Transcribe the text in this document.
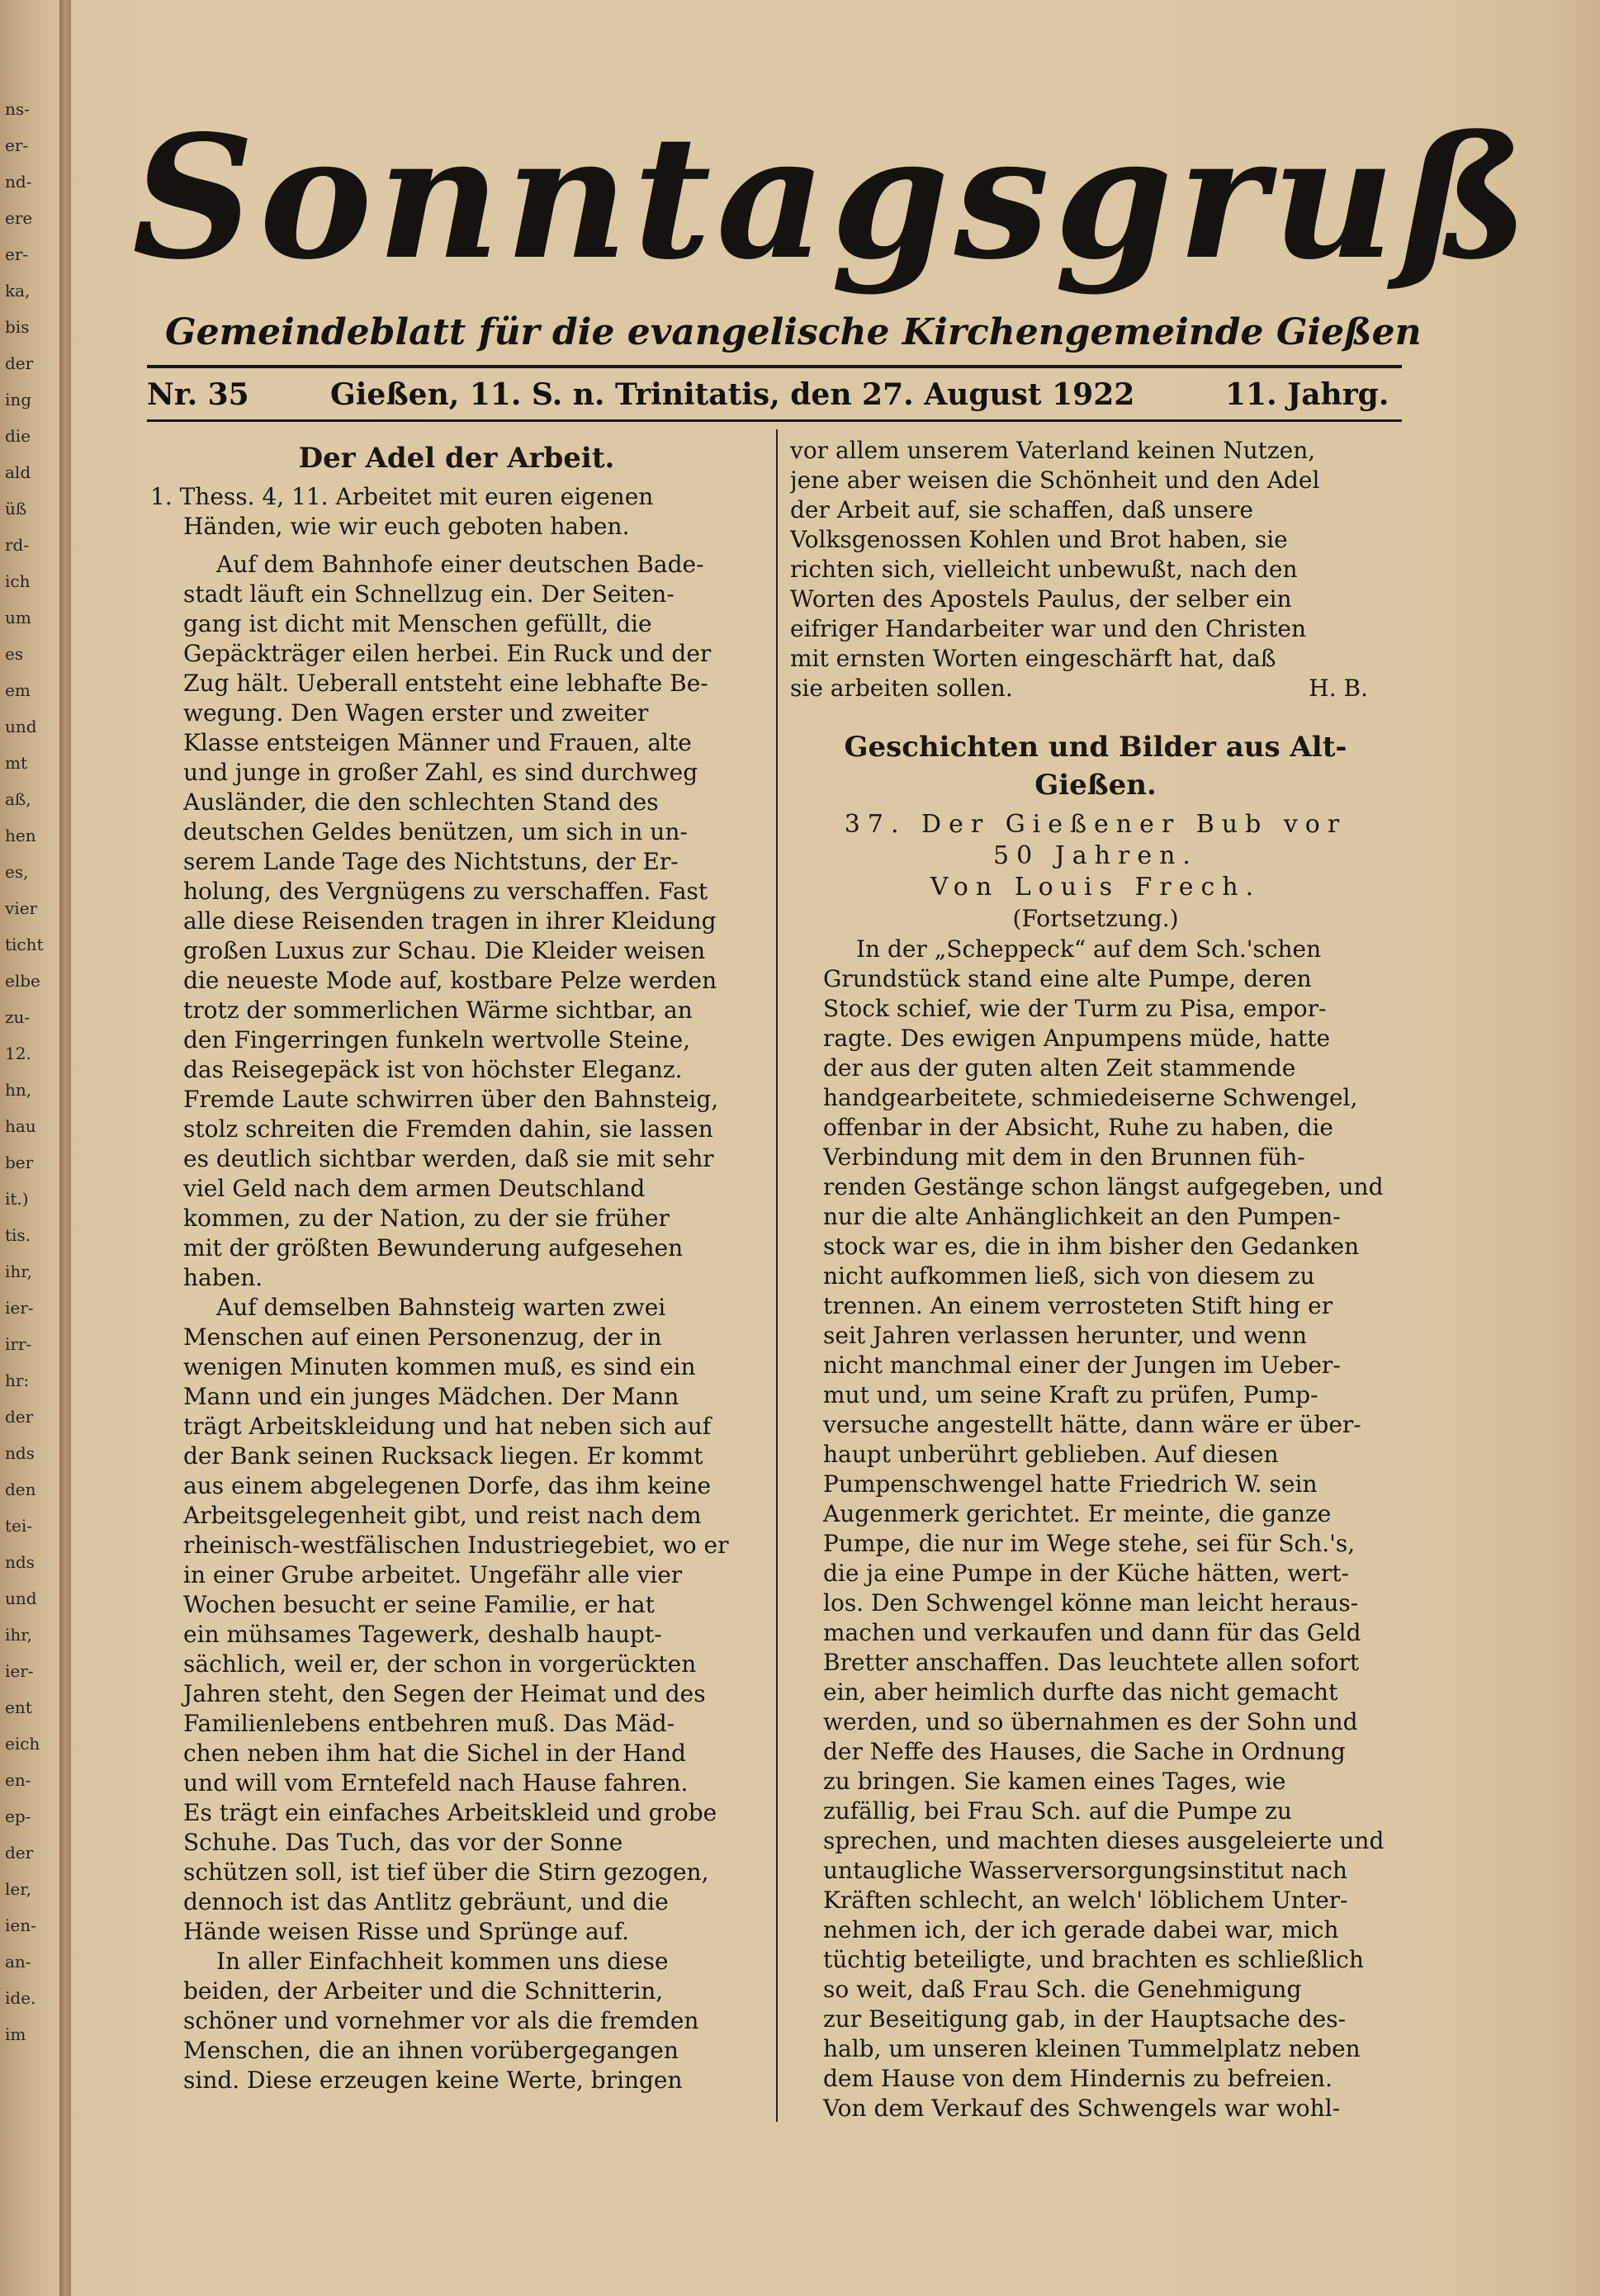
ns-
er-
nd-
ere
er-
ka,
bis
der
ing
die
ald
üß
rd-
ich
um
es
em
und
mt
aß,
hen
es,
vier
ticht
elbe
zu-
12.
hn,
hau
ber
it.)
tis.
ihr,
ier-
irr-
hr:
der
nds
den
tei-
nds
und
ihr,
ier-
ent
eich
en-
ep-
der
ler,
ien-
an-
ide.
im
Sonntagsgruß
Gemeindeblatt für die evangelische Kirchengemeinde Gießen
Nr. 35	Gießen, 11. S. n. Trinitatis, den 27. August 1922	11. Jahrg.
Der Adel der Arbeit.
1. Thess. 4, 11. Arbeitet mit euren eigenen
Händen, wie wir euch geboten haben.
Auf dem Bahnhofe einer deutschen Bade-
stadt läuft ein Schnellzug ein. Der Seiten-
gang ist dicht mit Menschen gefüllt, die
Gepäckträger eilen herbei. Ein Ruck und der
Zug hält. Ueberall entsteht eine lebhafte Be-
wegung. Den Wagen erster und zweiter
Klasse entsteigen Männer und Frauen, alte
und junge in großer Zahl, es sind durchweg
Ausländer, die den schlechten Stand des
deutschen Geldes benützen, um sich in un-
serem Lande Tage des Nichtstuns, der Er-
holung, des Vergnügens zu verschaffen. Fast
alle diese Reisenden tragen in ihrer Kleidung
großen Luxus zur Schau. Die Kleider weisen
die neueste Mode auf, kostbare Pelze werden
trotz der sommerlichen Wärme sichtbar, an
den Fingerringen funkeln wertvolle Steine,
das Reisegepäck ist von höchster Eleganz.
Fremde Laute schwirren über den Bahnsteig,
stolz schreiten die Fremden dahin, sie lassen
es deutlich sichtbar werden, daß sie mit sehr
viel Geld nach dem armen Deutschland
kommen, zu der Nation, zu der sie früher
mit der größten Bewunderung aufgesehen
haben.
Auf demselben Bahnsteig warten zwei
Menschen auf einen Personenzug, der in
wenigen Minuten kommen muß, es sind ein
Mann und ein junges Mädchen. Der Mann
trägt Arbeitskleidung und hat neben sich auf
der Bank seinen Rucksack liegen. Er kommt
aus einem abgelegenen Dorfe, das ihm keine
Arbeitsgelegenheit gibt, und reist nach dem
rheinisch-westfälischen Industriegebiet, wo er
in einer Grube arbeitet. Ungefähr alle vier
Wochen besucht er seine Familie, er hat
ein mühsames Tagewerk, deshalb haupt-
sächlich, weil er, der schon in vorgerückten
Jahren steht, den Segen der Heimat und des
Familienlebens entbehren muß. Das Mäd-
chen neben ihm hat die Sichel in der Hand
und will vom Erntefeld nach Hause fahren.
Es trägt ein einfaches Arbeitskleid und grobe
Schuhe. Das Tuch, das vor der Sonne
schützen soll, ist tief über die Stirn gezogen,
dennoch ist das Antlitz gebräunt, und die
Hände weisen Risse und Sprünge auf.
In aller Einfachheit kommen uns diese
beiden, der Arbeiter und die Schnitterin,
schöner und vornehmer vor als die fremden
Menschen, die an ihnen vorübergegangen
sind. Diese erzeugen keine Werte, bringen
vor allem unserem Vaterland keinen Nutzen,
jene aber weisen die Schönheit und den Adel
der Arbeit auf, sie schaffen, daß unsere
Volksgenossen Kohlen und Brot haben, sie
richten sich, vielleicht unbewußt, nach den
Worten des Apostels Paulus, der selber ein
eifriger Handarbeiter war und den Christen
mit ernsten Worten eingeschärft hat, daß
sie arbeiten sollen.	H. B.
Geschichten und Bilder aus Alt-Gießen.
37. Der Gießener Bub vor
50 Jahren.
Von Louis Frech.
(Fortsetzung.)
In der „Scheppeck“ auf dem Sch.'schen
Grundstück stand eine alte Pumpe, deren
Stock schief, wie der Turm zu Pisa, empor-
ragte. Des ewigen Anpumpens müde, hatte
der aus der guten alten Zeit stammende
handgearbeitete, schmiedeiserne Schwengel,
offenbar in der Absicht, Ruhe zu haben, die
Verbindung mit dem in den Brunnen füh-
renden Gestänge schon längst aufgegeben, und
nur die alte Anhänglichkeit an den Pumpen-
stock war es, die in ihm bisher den Gedanken
nicht aufkommen ließ, sich von diesem zu
trennen. An einem verrosteten Stift hing er
seit Jahren verlassen herunter, und wenn
nicht manchmal einer der Jungen im Ueber-
mut und, um seine Kraft zu prüfen, Pump-
versuche angestellt hätte, dann wäre er über-
haupt unberührt geblieben. Auf diesen
Pumpenschwengel hatte Friedrich W. sein
Augenmerk gerichtet. Er meinte, die ganze
Pumpe, die nur im Wege stehe, sei für Sch.'s,
die ja eine Pumpe in der Küche hätten, wert-
los. Den Schwengel könne man leicht heraus-
machen und verkaufen und dann für das Geld
Bretter anschaffen. Das leuchtete allen sofort
ein, aber heimlich durfte das nicht gemacht
werden, und so übernahmen es der Sohn und
der Neffe des Hauses, die Sache in Ordnung
zu bringen. Sie kamen eines Tages, wie
zufällig, bei Frau Sch. auf die Pumpe zu
sprechen, und machten dieses ausgeleierte und
untaugliche Wasserversorgungsinstitut nach
Kräften schlecht, an welch' löblichem Unter-
nehmen ich, der ich gerade dabei war, mich
tüchtig beteiligte, und brachten es schließlich
so weit, daß Frau Sch. die Genehmigung
zur Beseitigung gab, in der Hauptsache des-
halb, um unseren kleinen Tummelplatz neben
dem Hause von dem Hindernis zu befreien.
Von dem Verkauf des Schwengels war wohl-
